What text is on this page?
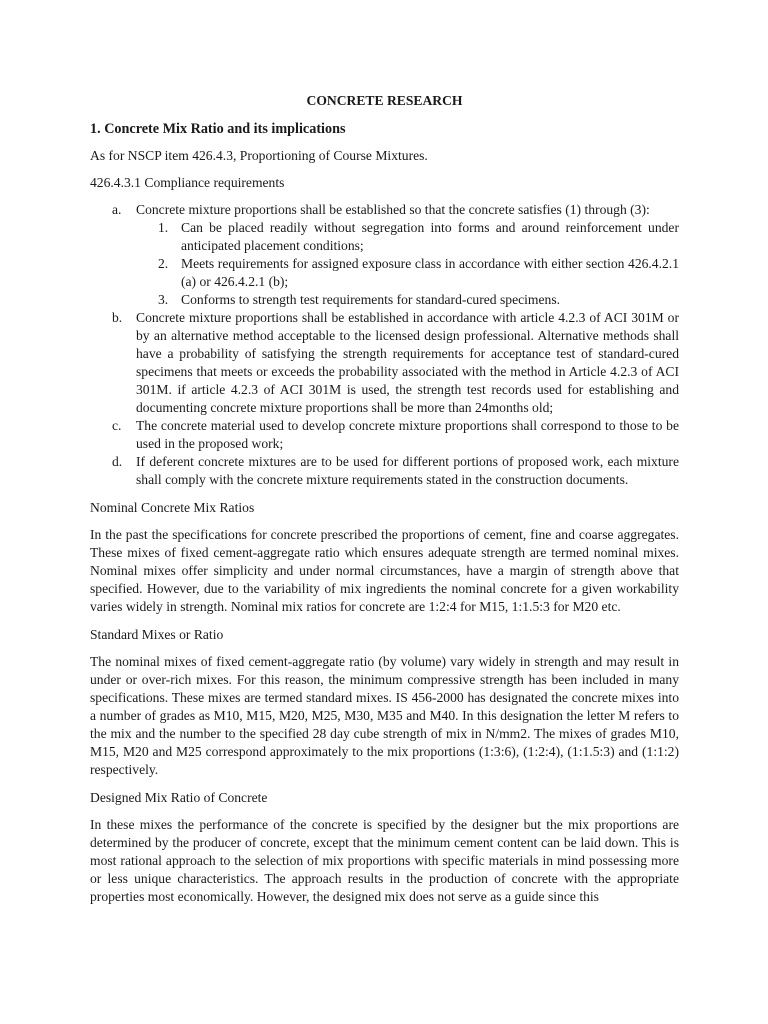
CONCRETE RESEARCH
1. Concrete Mix Ratio and its implications

As for NSCP item 426.4.3, Proportioning of Course Mixtures.

426.4.3.1 Compliance requirements

a. Concrete mixture proportions shall be established so that the concrete satisfies (1) through (3):
1. Can be placed readily without segregation into forms and around reinforcement under anticipated placement conditions;
2. Meets requirements for assigned exposure class in accordance with either section 426.4.2.1 (a) or 426.4.2.1 (b);
3. Conforms to strength test requirements for standard-cured specimens.
b. Concrete mixture proportions shall be established in accordance with article 4.2.3 of ACI 301M or by an alternative method acceptable to the licensed design professional. Alternative methods shall have a probability of satisfying the strength requirements for acceptance test of standard-cured specimens that meets or exceeds the probability associated with the method in Article 4.2.3 of ACI 301M. if article 4.2.3 of ACI 301M is used, the strength test records used for establishing and documenting concrete mixture proportions shall be more than 24months old;
c. The concrete material used to develop concrete mixture proportions shall correspond to those to be used in the proposed work;
d. If deferent concrete mixtures are to be used for different portions of proposed work, each mixture shall comply with the concrete mixture requirements stated in the construction documents.

Nominal Concrete Mix Ratios

In the past the specifications for concrete prescribed the proportions of cement, fine and coarse aggregates. These mixes of fixed cement-aggregate ratio which ensures adequate strength are termed nominal mixes. Nominal mixes offer simplicity and under normal circumstances, have a margin of strength above that specified. However, due to the variability of mix ingredients the nominal concrete for a given workability varies widely in strength. Nominal mix ratios for concrete are 1:2:4 for M15, 1:1.5:3 for M20 etc.

Standard Mixes or Ratio

The nominal mixes of fixed cement-aggregate ratio (by volume) vary widely in strength and may result in under or over-rich mixes. For this reason, the minimum compressive strength has been included in many specifications. These mixes are termed standard mixes. IS 456-2000 has designated the concrete mixes into a number of grades as M10, M15, M20, M25, M30, M35 and M40. In this designation the letter M refers to the mix and the number to the specified 28 day cube strength of mix in N/mm2. The mixes of grades M10, M15, M20 and M25 correspond approximately to the mix proportions (1:3:6), (1:2:4), (1:1.5:3) and (1:1:2) respectively.

Designed Mix Ratio of Concrete

In these mixes the performance of the concrete is specified by the designer but the mix proportions are determined by the producer of concrete, except that the minimum cement content can be laid down. This is most rational approach to the selection of mix proportions with specific materials in mind possessing more or less unique characteristics. The approach results in the production of concrete with the appropriate properties most economically. However, the designed mix does not serve as a guide since this
